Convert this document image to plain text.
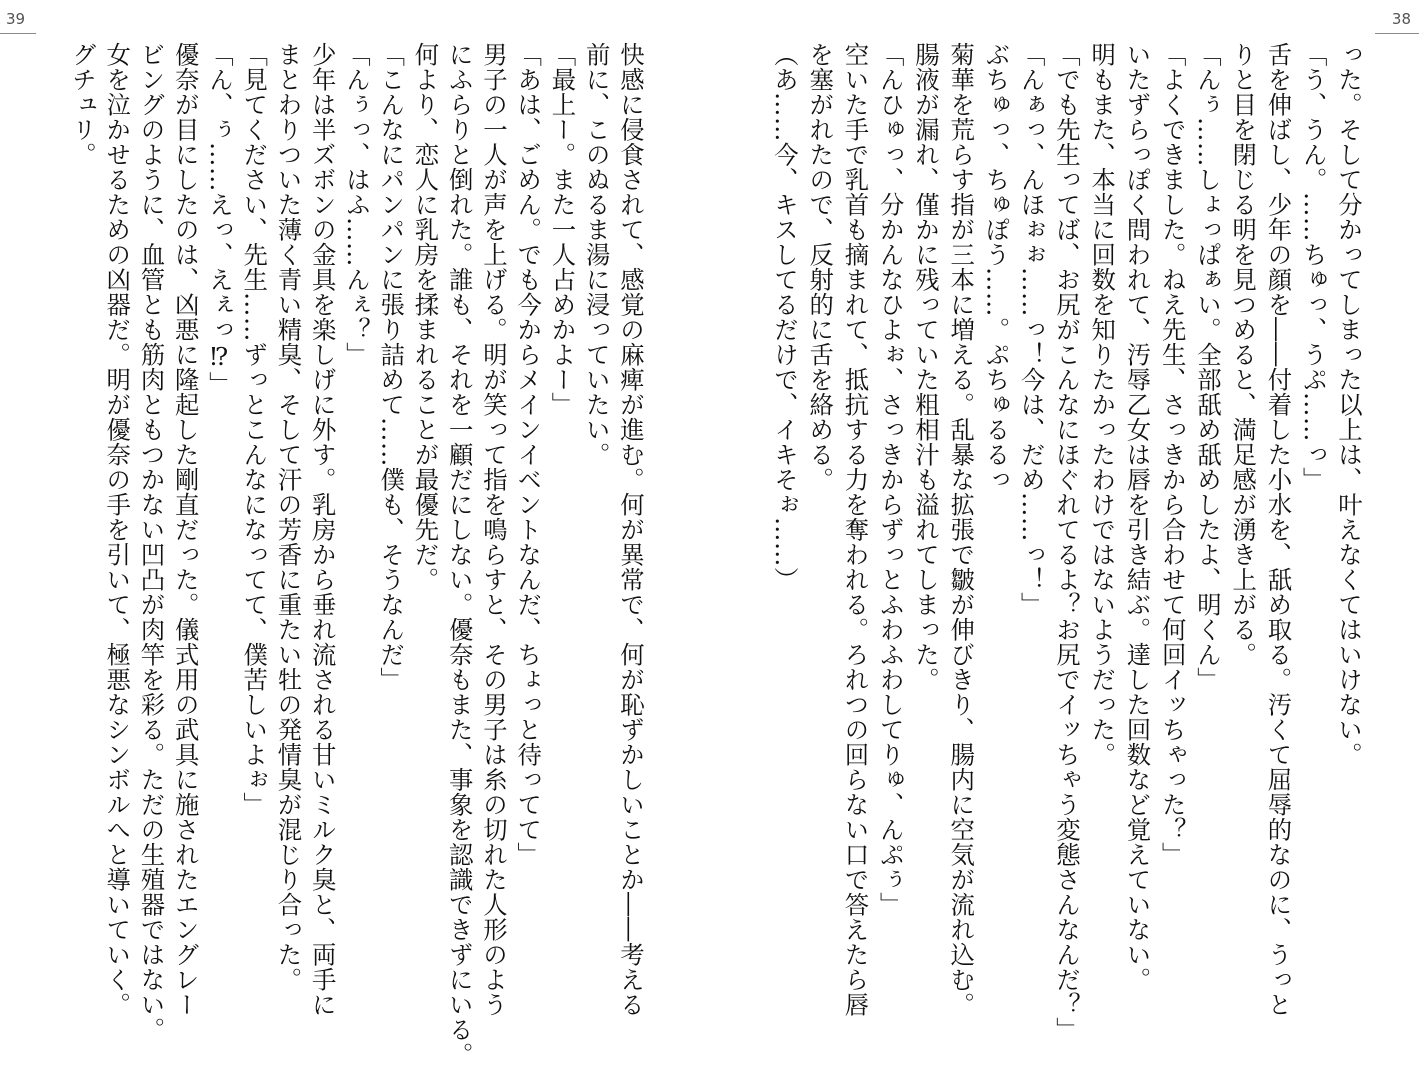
39	38
った。そして分かってしまった以上は、叶えなくてはいけない。
「う、うん。……ちゅっ、うぷ……っ」
舌を伸ばし、少年の顔を――付着した小水を、舐め取る。汚くて屈辱的なのに、うっと
りと目を閉じる明を見つめると、満足感が湧き上がる。
「んぅ……しょっぱぁい。全部舐め舐めしたよ、明くん」
「よくできました。ねえ先生、さっきから合わせて何回イッちゃった？」
いたずらっぽく問われて、汚辱乙女は唇を引き結ぶ。達した回数など覚えていない。
明もまた、本当に回数を知りたかったわけではないようだった。
「でも先生ってば、お尻がこんなにほぐれてるよ？お尻でイッちゃう変態さんなんだ？」
「んぁっ、んほぉぉ……っ！今は、だめ……っ！」
ぶちゅっ、ちゅぽう……。ぷちゅるるっ
菊華を荒らす指が三本に増える。乱暴な拡張で皺が伸びきり、腸内に空気が流れ込む。
腸液が漏れ、僅かに残っていた粗相汁も溢れてしまった。
「んひゅっ、分かんなひよぉ、さっきからずっとふわふわしてりゅ、んぷぅ」
空いた手で乳首も摘まれて、抵抗する力を奪われる。ろれつの回らない口で答えたら唇
を塞がれたので、反射的に舌を絡める。
（あ……今、キスしてるだけで、イキそぉ……）
快感に侵食されて、感覚の麻痺が進む。何が異常で、何が恥ずかしいことか――考える
前に、このぬるま湯に浸っていたい。
「最上ー。また一人占めかよー」
「あは、ごめん。でも今からメインイベントなんだ、ちょっと待ってて」
男子の一人が声を上げる。明が笑って指を鳴らすと、その男子は糸の切れた人形のよう
にふらりと倒れた。誰も、それを一顧だにしない。優奈もまた、事象を認識できずにいる。
何より、恋人に乳房を揉まれることが最優先だ。
「こんなにパンパンに張り詰めて……僕も、そうなんだ」
「んぅっ、はふ……んぇ？」
少年は半ズボンの金具を楽しげに外す。乳房から垂れ流される甘いミルク臭と、両手に
まとわりついた薄く青い精臭、そして汗の芳香に重たい牡の発情臭が混じり合った。
「見てください、先生……ずっとこんなになってて、僕苦しいよぉ」
「ん、ぅ……えっ、えぇっ⁉」
優奈が目にしたのは、凶悪に隆起した剛直だった。儀式用の武具に施されたエングレー
ビングのように、血管とも筋肉ともつかない凹凸が肉竿を彩る。ただの生殖器ではない。
女を泣かせるための凶器だ。明が優奈の手を引いて、極悪なシンボルへと導いていく。
グチュリ。
